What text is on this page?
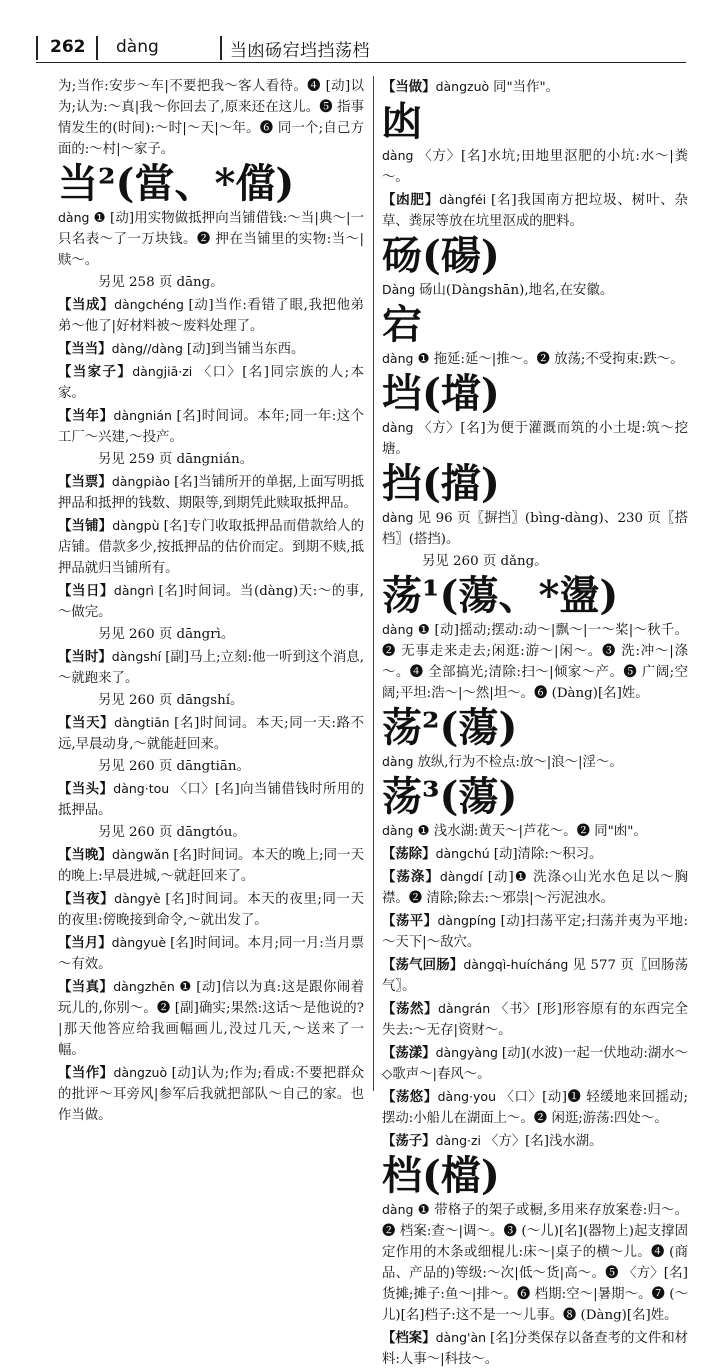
262 dàng	当凼砀宕垱挡荡档

为;当作:安步～车|不要把我～客人看待。❹ [动]以为;认为:～真|我～你回去了,原来还在这儿。❺ 指事情发生的(时间):～时|～天|～年。❻ 同一个;自己方面的:～村|～家子。

当²(當、*儅)
dàng ❶ [动]用实物做抵押向当铺借钱:～当|典～|一只名表～了一万块钱。❷ 押在当铺里的实物:当～|赎～。

另见 258 页 dāng。

【当成】dàngchéng [动]当作:看错了眼,我把他弟弟～他了|好材料被～废料处理了。

【当当】dàng//dàng [动]到当铺当东西。

【当家子】dàngjiā·zi 〈口〉[名]同宗族的人;本家。

【当年】dàngnián [名]时间词。本年;同一年:这个工厂～兴建,～投产。

另见 259 页 dāngnián。

【当票】dàngpiào [名]当铺所开的单据,上面写明抵押品和抵押的钱数、期限等,到期凭此赎取抵押品。

【当铺】dàngpù [名]专门收取抵押品而借款给人的店铺。借款多少,按抵押品的估价而定。到期不赎,抵押品就归当铺所有。

【当日】dàngrì [名]时间词。当(dàng)天:～的事,～做完。

另见 260 页 dāngrì。

【当时】dàngshí [副]马上;立刻:他一听到这个消息,～就跑来了。

另见 260 页 dāngshí。

【当天】dàngtiān [名]时间词。本天;同一天:路不远,早晨动身,～就能赶回来。

另见 260 页 dāngtiān。

【当头】dàng·tou 〈口〉[名]向当铺借钱时所用的抵押品。

另见 260 页 dāngtóu。

【当晚】dàngwǎn [名]时间词。本天的晚上;同一天的晚上:早晨进城,～就赶回来了。

【当夜】dàngyè [名]时间词。本天的夜里;同一天的夜里:傍晚接到命令,～就出发了。

【当月】dàngyuè [名]时间词。本月;同一月:当月票～有效。

【当真】dàngzhēn ❶ [动]信以为真:这是跟你闹着玩儿的,你别～。❷ [副]确实;果然:这话～是他说的?|那天他答应给我画幅画儿,没过几天,～送来了一幅。

【当作】dàngzuò [动]认为;作为;看成:不要把群众的批评～耳旁风|参军后我就把部队～自己的家。也作当做。

【当做】dàngzuò 同"当作"。

凼
dàng 〈方〉[名]水坑;田地里沤肥的小坑:水～|粪～。

【凼肥】dàngféi [名]我国南方把垃圾、树叶、杂草、粪尿等放在坑里沤成的肥料。

砀(碭)
Dàng 砀山(Dàngshān),地名,在安徽。

宕
dàng ❶ 拖延:延～|推～。❷ 放荡;不受拘束:跌～。

垱(壋)
dàng 〈方〉[名]为便于灌溉而筑的小土堤:筑～挖塘。

挡(擋)
dàng 见 96 页〖摒挡〗(bìng-dàng)、230 页〖搭档〗(搭挡)。

另见 260 页 dǎng。

荡¹(蕩、*盪)
dàng ❶ [动]摇动;摆动:动～|飘～|一～桨|～秋千。❷ 无事走来走去;闲逛:游～|闲～。❸ 洗:冲～|涤～。❹ 全部搞光;清除:扫～|倾家～产。❺ 广阔;空阔;平坦:浩～|～然|坦～。❻ (Dàng)[名]姓。

荡²(蕩)
dàng 放纵,行为不检点:放～|浪～|淫～。

荡³(蕩)
dàng ❶ 浅水湖:黄天～|芦花～。❷ 同"凼"。

【荡除】dàngchú [动]清除:～积习。

【荡涤】dàngdí [动]❶ 洗涤◇山光水色足以～胸襟。❷ 清除;除去:～邪祟|～污泥浊水。

【荡平】dàngpíng [动]扫荡平定;扫荡并夷为平地:～天下|～敌穴。

【荡气回肠】dàngqì-huícháng 见 577 页〖回肠荡气〗。

【荡然】dàngrán 〈书〉[形]形容原有的东西完全失去:～无存|资财～。

【荡漾】dàngyàng [动](水波)一起一伏地动:湖水～◇歌声～|春风～。

【荡悠】dàng·you 〈口〉[动]❶ 轻缓地来回摇动;摆动:小船儿在湖面上～。❷ 闲逛;游荡:四处～。

【荡子】dàng·zi 〈方〉[名]浅水湖。

档(檔)
dàng ❶ 带格子的架子或橱,多用来存放案卷:归～。❷ 档案:查～|调～。❸ (～儿)[名](器物上)起支撑固定作用的木条或细棍儿:床～|桌子的横～儿。❹ (商品、产品的)等级:～次|低～货|高～。❺ 〈方〉[名]货摊;摊子:鱼～|排～。❻ 档期:空～|暑期～。❼ (～儿)[名]档子:这不是一～儿事。❽ (Dàng)[名]姓。

【档案】dàng'àn [名]分类保存以备查考的文件和材料:人事～|科技～。
